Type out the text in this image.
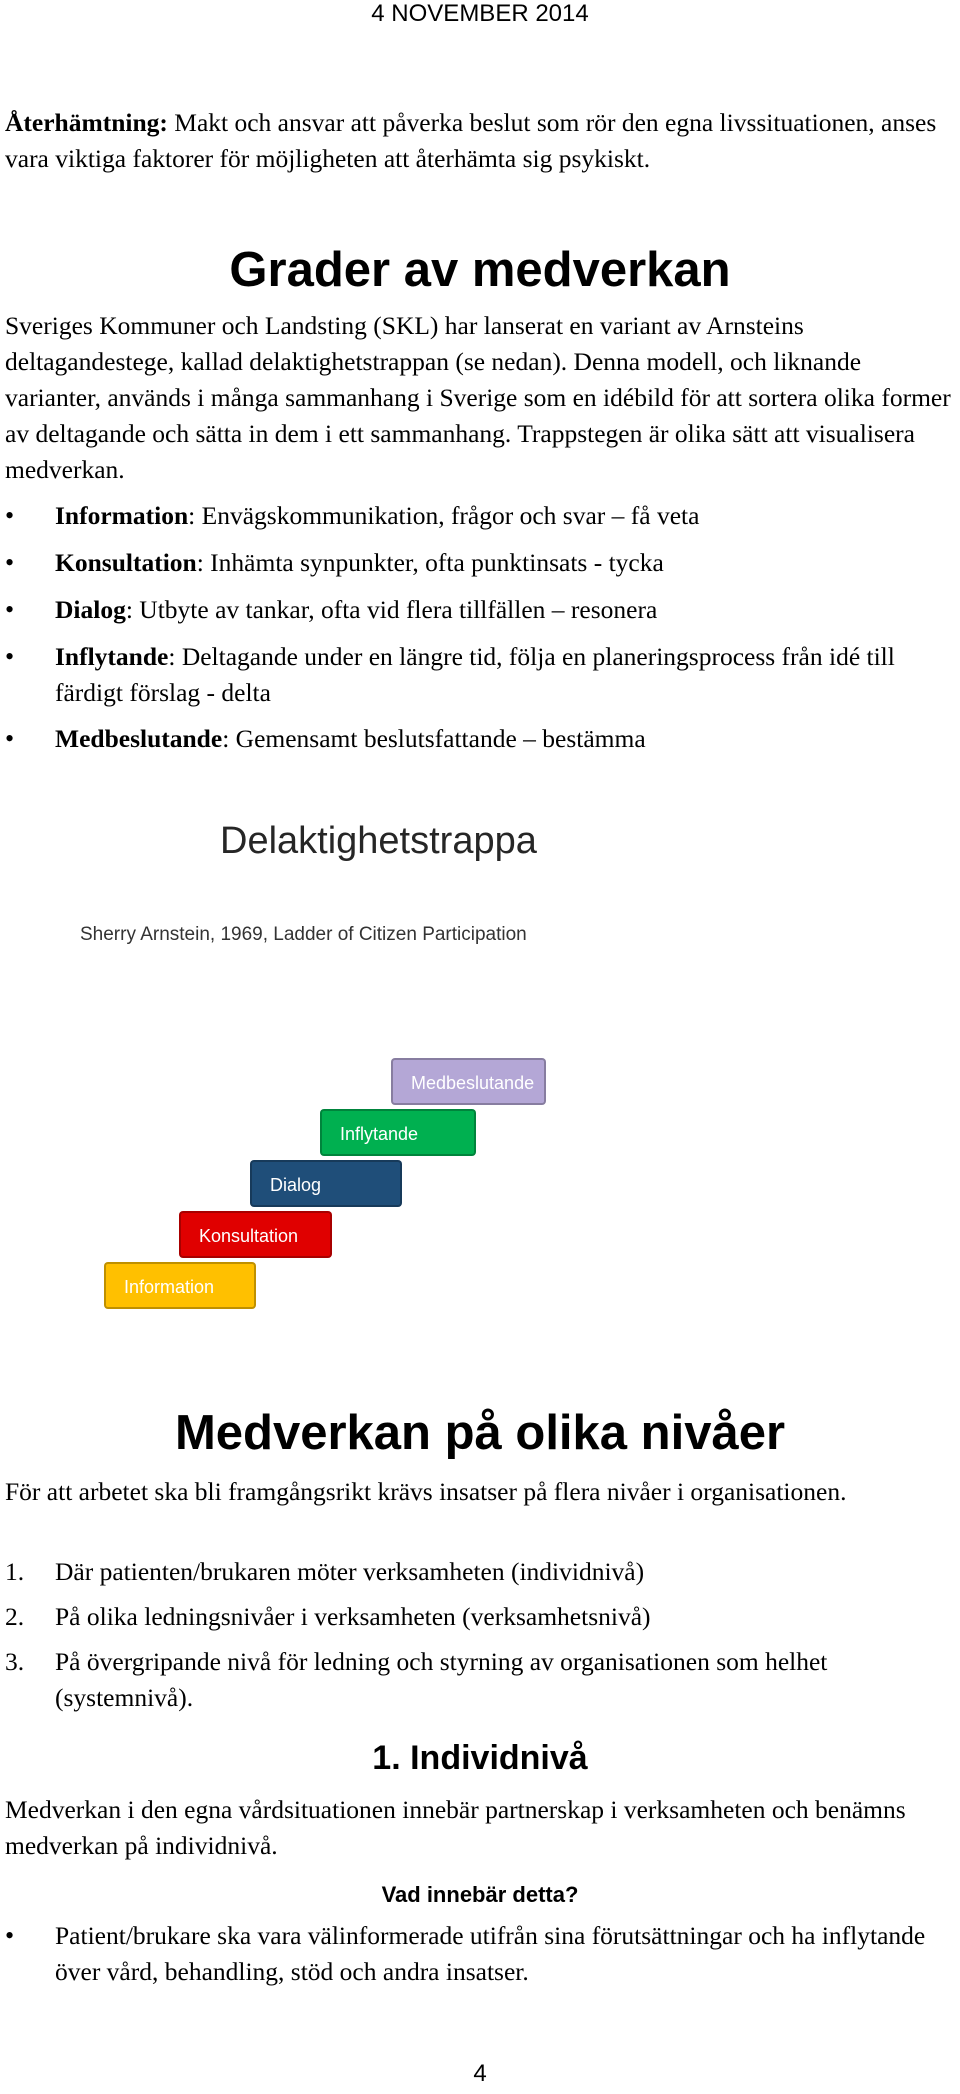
4 NOVEMBER 2014
Återhämtning: Makt och ansvar att påverka beslut som rör den egna livssituationen, anses vara viktiga faktorer för möjligheten att återhämta sig psykiskt.
Grader av medverkan
Sveriges Kommuner och Landsting (SKL) har lanserat en variant av Arnsteins deltagandestege, kallad delaktighetstrappan (se nedan). Denna modell, och liknande varianter, används i många sammanhang i Sverige som en idébild för att sortera olika former av deltagande och sätta in dem i ett sammanhang. Trappstegen är olika sätt att visualisera medverkan.
•
Information: Envägskommunikation, frågor och svar – få veta
•
Konsultation: Inhämta synpunkter, ofta punktinsats - tycka
•
Dialog: Utbyte av tankar, ofta vid flera tillfällen – resonera
•
Inflytande: Deltagande under en längre tid, följa en planeringsprocess från idé till färdigt förslag - delta
•
Medbeslutande: Gemensamt beslutsfattande – bestämma
Delaktighetstrappa
Sherry Arnstein, 1969, Ladder of Citizen Participation
Information
Konsultation
Dialog
Inflytande
Medbeslutande
Medverkan på olika nivåer
För att arbetet ska bli framgångsrikt krävs insatser på flera nivåer i organisationen.
1. Där patienten/brukaren möter verksamheten (individnivå)
2. På olika ledningsnivåer i verksamheten (verksamhetsnivå)
3. På övergripande nivå för ledning och styrning av organisationen som helhet (systemnivå).
1. Individnivå
Medverkan i den egna vårdsituationen innebär partnerskap i verksamheten och benämns medverkan på individnivå.
Vad innebär detta?
•
Patient/brukare ska vara välinformerade utifrån sina förutsättningar och ha inflytande över vård, behandling, stöd och andra insatser.
4
